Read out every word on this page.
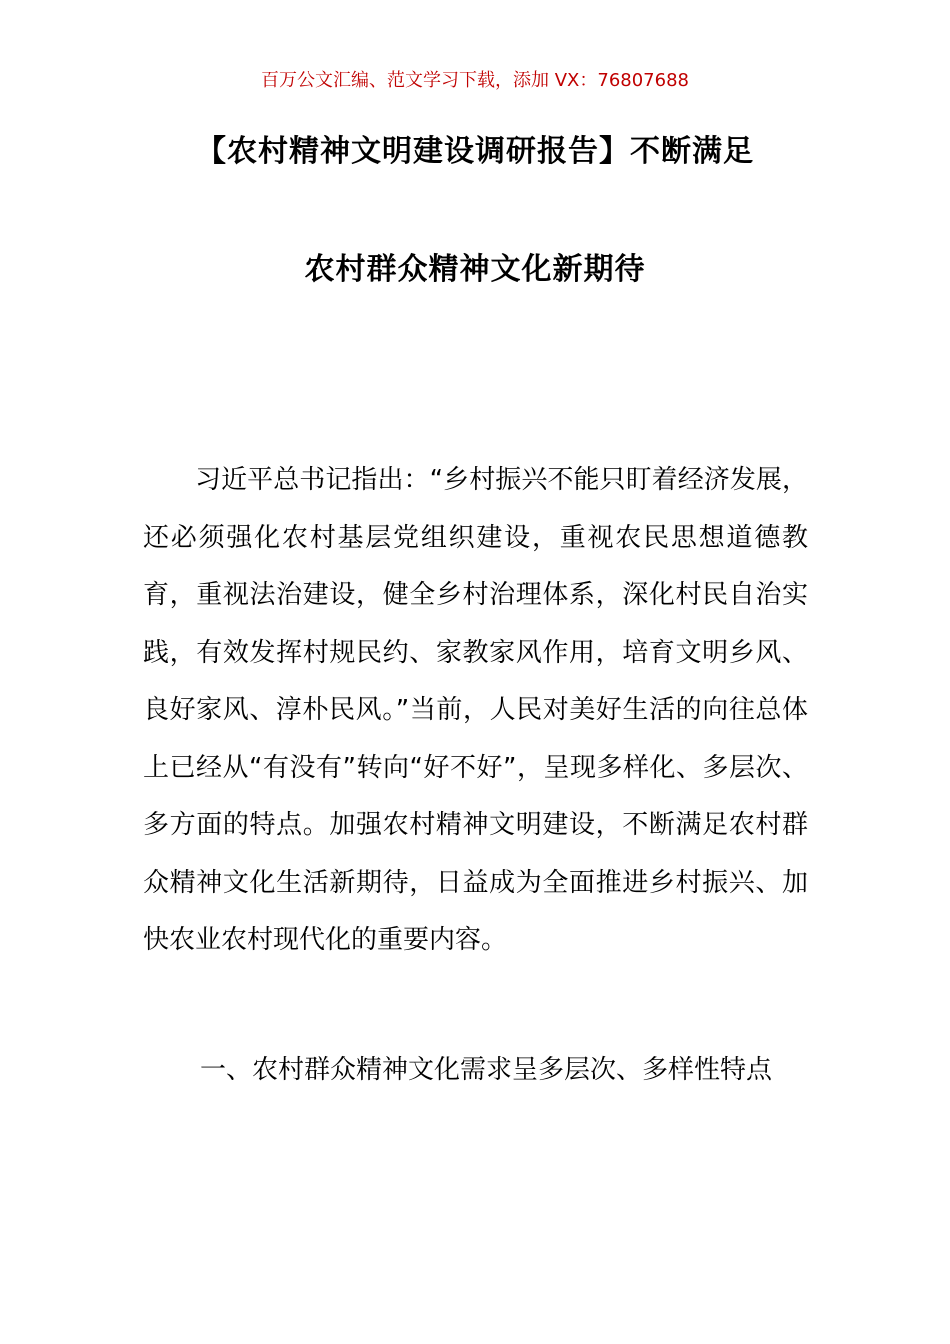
百万公文汇编、范文学习下载，添加 VX：76807688
【农村精神文明建设调研报告】不断满足
农村群众精神文化新期待

习近平总书记指出：“乡村振兴不能只盯着经济发展，还必须强化农村基层党组织建设，重视农民思想道德教育，重视法治建设，健全乡村治理体系，深化村民自治实践，有效发挥村规民约、家教家风作用，培育文明乡风、良好家风、淳朴民风。”当前，人民对美好生活的向往总体上已经从“有没有”转向“好不好”，呈现多样化、多层次、多方面的特点。加强农村精神文明建设，不断满足农村群众精神文化生活新期待，日益成为全面推进乡村振兴、加快农业农村现代化的重要内容。

一、农村群众精神文化需求呈多层次、多样性特点
